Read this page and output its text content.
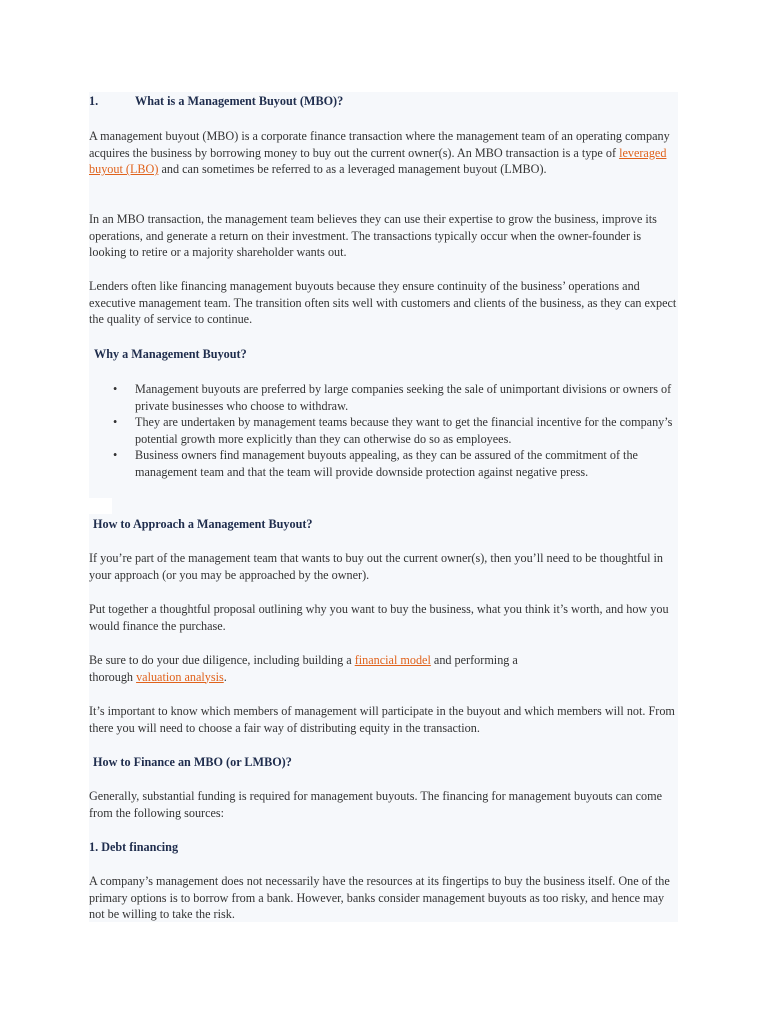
1.	What is a Management Buyout (MBO)?

A management buyout (MBO) is a corporate finance transaction where the management team of an operating company acquires the business by borrowing money to buy out the current owner(s). An MBO transaction is a type of leveraged buyout (LBO) and can sometimes be referred to as a leveraged management buyout (LMBO).

In an MBO transaction, the management team believes they can use their expertise to grow the business, improve its operations, and generate a return on their investment. The transactions typically occur when the owner-founder is looking to retire or a majority shareholder wants out.

Lenders often like financing management buyouts because they ensure continuity of the business’ operations and executive management team. The transition often sits well with customers and clients of the business, as they can expect the quality of service to continue.

Why a Management Buyout?
• Management buyouts are preferred by large companies seeking the sale of unimportant divisions or owners of private businesses who choose to withdraw.
• They are undertaken by management teams because they want to get the financial incentive for the company’s potential growth more explicitly than they can otherwise do so as employees.
• Business owners find management buyouts appealing, as they can be assured of the commitment of the management team and that the team will provide downside protection against negative press.
How to Approach a Management Buyout?

If you’re part of the management team that wants to buy out the current owner(s), then you’ll need to be thoughtful in your approach (or you may be approached by the owner).

Put together a thoughtful proposal outlining why you want to buy the business, what you think it’s worth, and how you would finance the purchase.

Be sure to do your due diligence, including building a financial model and performing a
thorough valuation analysis.

It’s important to know which members of management will participate in the buyout and which members will not. From there you will need to choose a fair way of distributing equity in the transaction.

How to Finance an MBO (or LMBO)?

Generally, substantial funding is required for management buyouts. The financing for management buyouts can come from the following sources:

1. Debt financing

A company’s management does not necessarily have the resources at its fingertips to buy the business itself. One of the primary options is to borrow from a bank. However, banks consider management buyouts as too risky, and hence may not be willing to take the risk.
